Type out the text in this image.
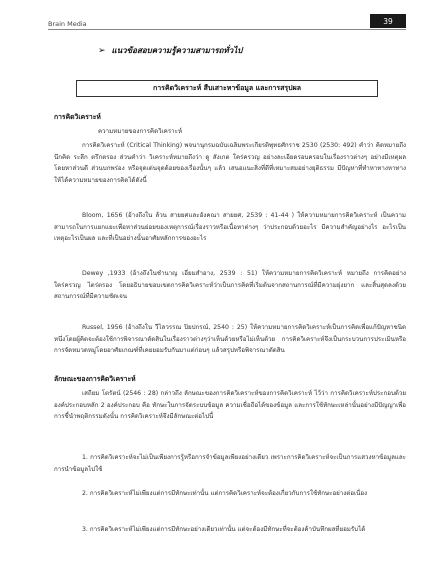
Brain Media	39
➢ แนวข้อสอบความรู้ความสามารถทั่วไป
การคิดวิเคราะห์ สืบเสาะหาข้อมูล และการสรุปผล
การคิดวิเคราะห์
ความหมายของการคิดวิเคราะห์
การคิดวิเคราะห์ (Critical Thinking) พจนานุกรมฉบับเฉลิมพระเกียรติพุทธศักราช 2530 (2530: 492) คำว่า คิดหมายถึง นึกคิด ระลึก ตรึกตรอง ส่วนคำว่า วิเคราะห์หมายถึงว่า ดู สังเกต ใคร่ครวญ อย่างละเอียดรอบครอบในเรื่องราวต่างๆ อย่างมีเหตุผล โดยหาส่วนดี ส่วนบกพร่อง หรือจุดเด่นจุดด้อยของเรื่องนั้นๆ แล้ว เสนอแนะสิ่งที่ดีที่เหมาะสมอย่างยุติธรรม มีปัญหาที่ทำหาทางหาทางให้ได้ความหมายของการคิดได้ดังนี้
Bloom, 1656 (อ้างถึงใน ล้วน สายยศและอังคณา สายยศ, 2539 : 41-44 ) ให้ความหมายการคิดวิเคราะห์ เป็นความสามารถในการแยกแยะเพื่อหาส่วนย่อยของเหตุการณ์เรื่องราวหรือเนื้อหาต่างๆ ว่าประกอบด้วยอะไร มีความสำคัญอย่างไร อะไรเป็นเหตุอะไรเป็นผล และที่เป็นอย่างนั้นอาศัยหลักการของอะไร
Dewey ,1933 (อ้างถึงในชำนาญ เอี่ยมสำอาง, 2539 : 51) ให้ความหมายการคิดวิเคราะห์ หมายถึง การคิดอย่างใคร่ครวญ ไตร่ตรอง โดยอธิบายขอบเขตการคิดวิเคราะห์ว่าเป็นการคิดที่เริ่มต้นจากสถานการณ์ที่มีความยุ่งยาก และสิ้นสุดลงด้วยสถานการณ์ที่มีความชัดเจน
Russel, 1956 (อ้างถึงใน วีไลวรรณ ปิยปกรณ์, 2540 : 25) ให้ความหมายการคิดวิเคราะห์เป็นการคิดเพื่อแก้ปัญหาชนิดหนึ่งโดยผู้คิดจะต้องใช้การพิจารณาตัดสินในเรื่องราวต่างๆว่าเห็นด้วยหรือไม่เห็นด้วย การคิดวิเคราะห์จึงเป็นกระบวนการประเมินหรือการจัดหมวดหมู่โดยอาศัยเกณฑ์ที่เคยยอมรับกันมาแต่ก่อนๆ แล้วสรุปหรือพิจารณาตัดสิน
ลักษณะของการคิดวิเคราะห์
เสถียม โตรัตน์ (2546 : 28) กล่าวถึง ลักษณะของการคิดวิเคราะห์ของการคิดวิเคราะห์ ไว้ว่า การคิดวิเคราะห์ประกอบด้วยองค์ประกอบหลัก 2 องค์ประกอบ คือ ทักษะในการจัดระบบข้อมูล ความเชื่อถือได้ของข้อมูล และการใช้ทักษะเหล่านั้นอย่างมีปัญญาเพื่อการชี้นำพฤติกรรมดังนั้น การคิดวิเคราะห์จึงมีลักษณะต่อไปนี้
1. การคิดวิเคราะห์จะไม่เป็นเพียงการรู้หรือการจำข้อมูลเพียงอย่างเดียว เพราะการคิดวิเคราะห์จะเป็นการแสวงหาข้อมูลและการนำข้อมูลไปใช้
2. การคิดวิเคราะห์ไม่เพียงแต่การมีทักษะเท่านั้น แต่การคิดวิเคราะห์จะต้องเกี่ยวกับการใช้ทักษะอย่างต่อเนื่อง
3. การคิดวิเคราะห์ไม่เพียงแต่การมีทักษะอย่างเดียวเท่านั้น แต่จะต้องมีทักษะที่จะต้องค้าบันทึกผลที่ยอมรับได้
